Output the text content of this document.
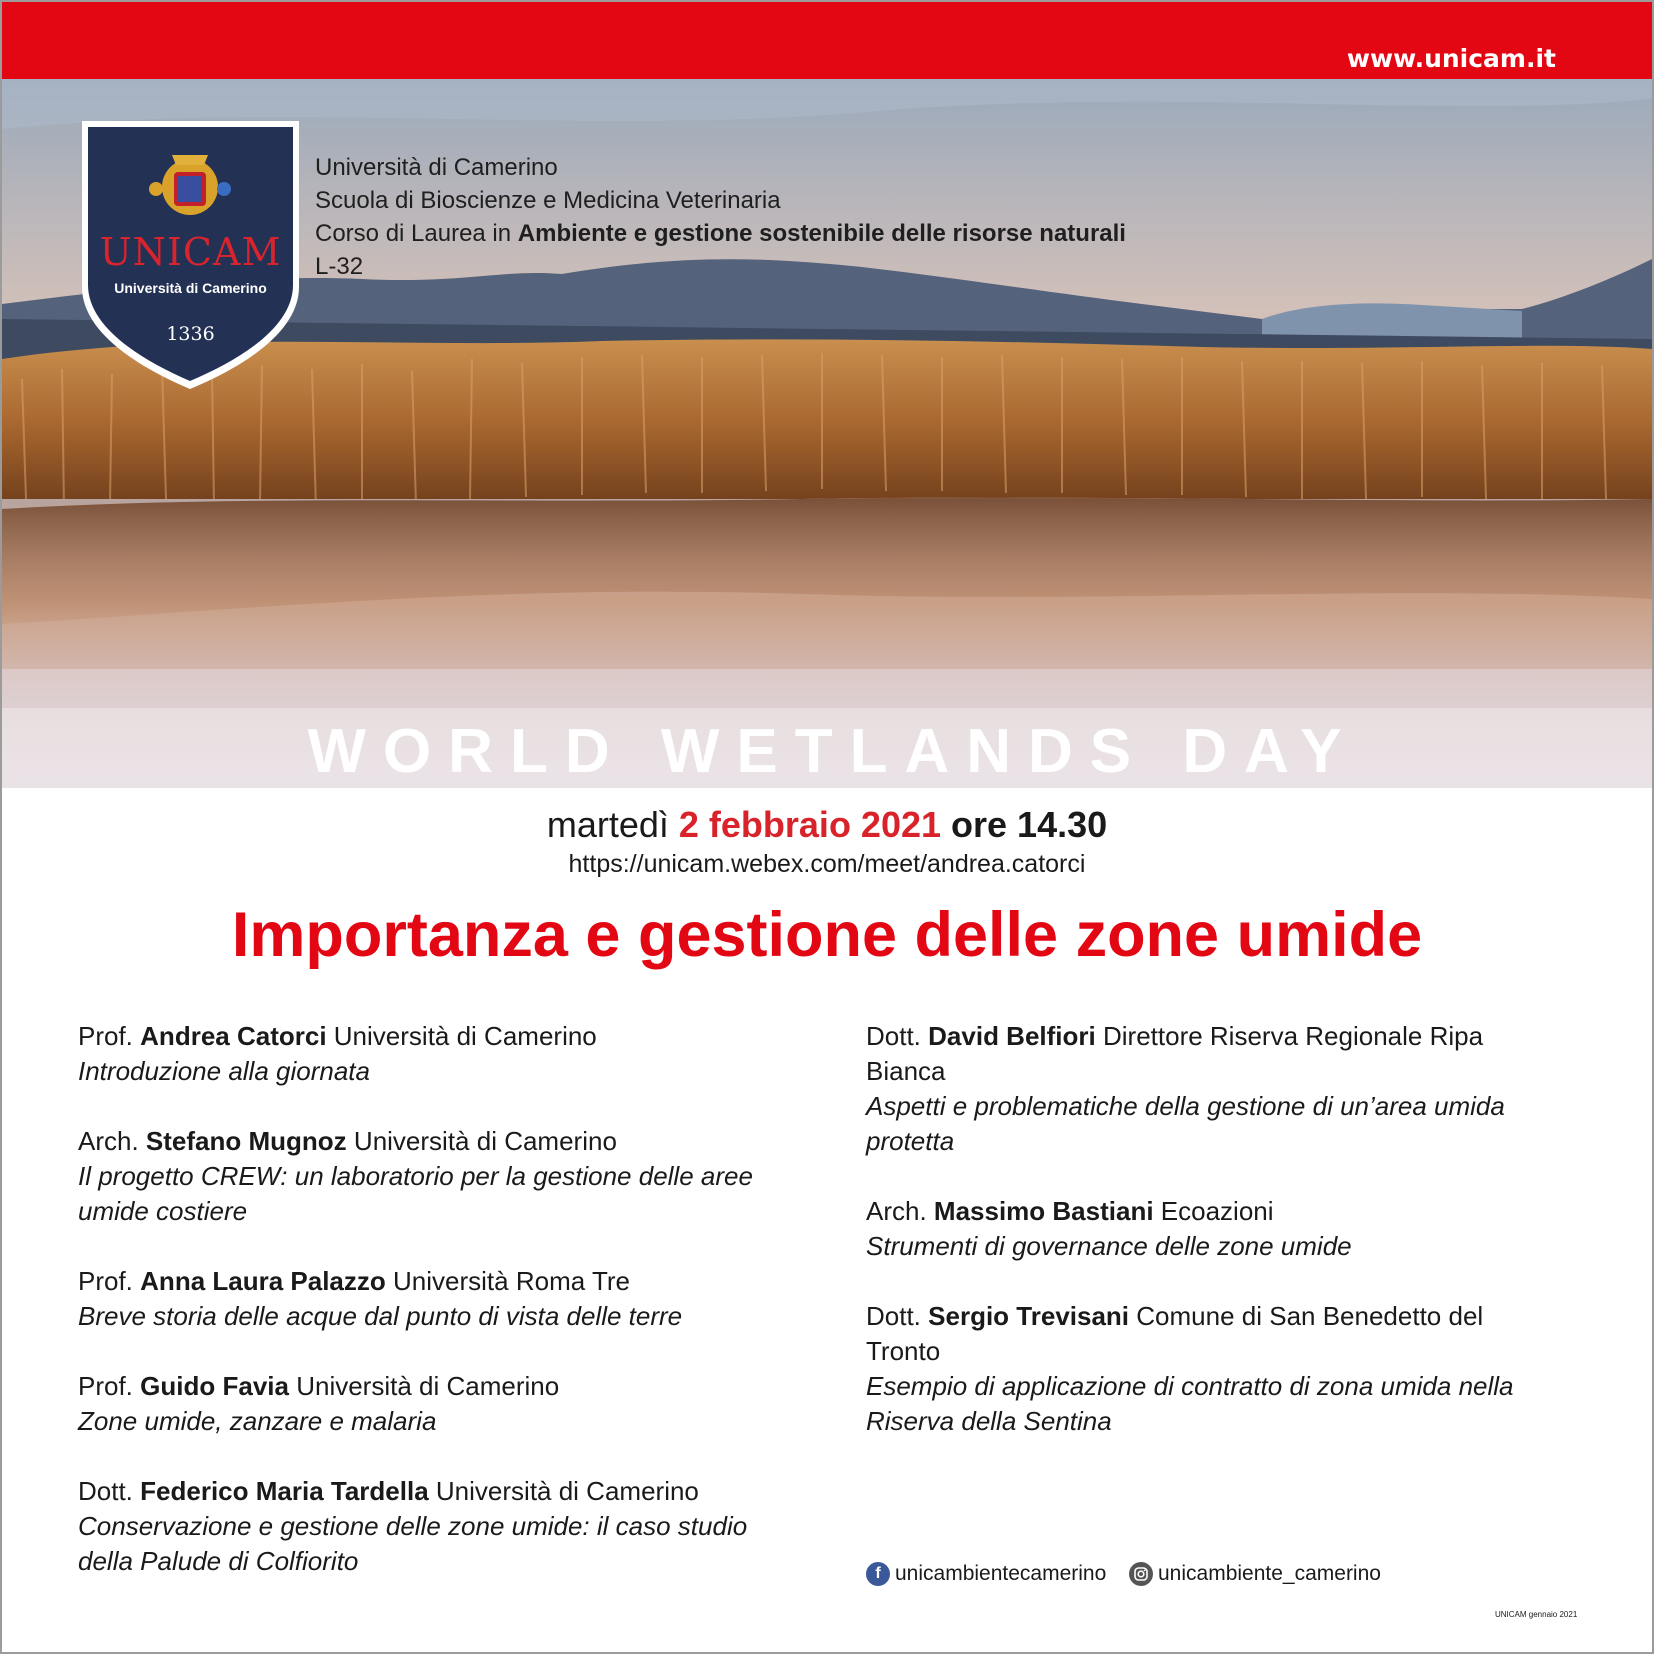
www.unicam.it
UNICAM
Università di Camerino
1336
Università di Camerino
Scuola di Bioscienze e Medicina Veterinaria
Corso di Laurea in Ambiente e gestione sostenibile delle risorse naturali
L-32
WORLD WETLANDS DAY
martedì 2 febbraio 2021 ore 14.30
https://unicam.webex.com/meet/andrea.catorci
Importanza e gestione delle zone umide
Prof. Andrea Catorci Università di Camerino
Introduzione alla giornata
Arch. Stefano Mugnoz Università di Camerino
Il progetto CREW: un laboratorio per la gestione delle aree umide costiere
Prof. Anna Laura Palazzo Università Roma Tre
Breve storia delle acque dal punto di vista delle terre
Prof. Guido Favia Università di Camerino
Zone umide, zanzare e malaria
Dott. Federico Maria Tardella Università di Camerino
Conservazione e gestione delle zone umide: il caso studio della Palude di Colfiorito
Dott. David Belfiori Direttore Riserva Regionale Ripa Bianca
Aspetti e problematiche della gestione di un’area umida protetta
Arch. Massimo Bastiani Ecoazioni
Strumenti di governance delle zone umide
Dott. Sergio Trevisani Comune di San Benedetto del Tronto
Esempio di applicazione di contratto di zona umida nella Riserva della Sentina
f unicambientecamerino unicambiente_camerino
UNICAM gennaio 2021
